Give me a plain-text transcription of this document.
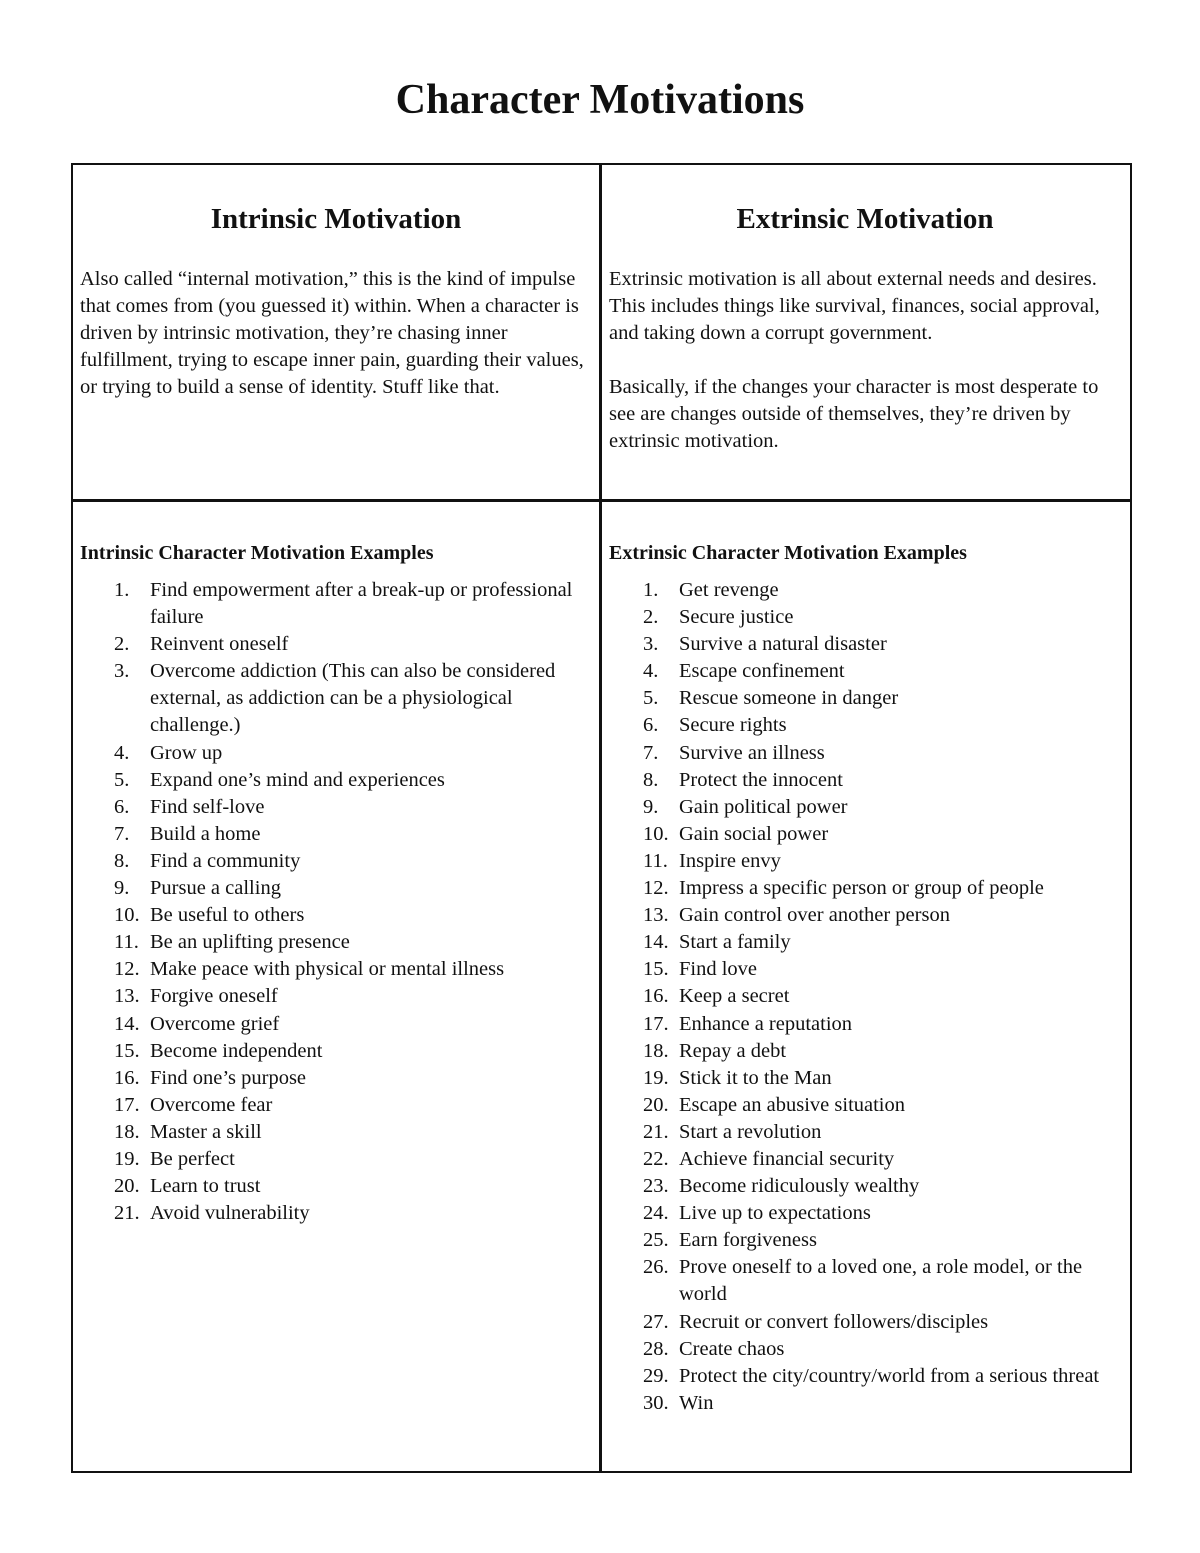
Character Motivations
Intrinsic Motivation

Also called “internal motivation,” this is the kind of impulse that comes from (you guessed it) within. When a character is driven by intrinsic motivation, they’re chasing inner fulfillment, trying to escape inner pain, guarding their values, or trying to build a sense of identity. Stuff like that.

Extrinsic Motivation

Extrinsic motivation is all about external needs and desires. This includes things like survival, finances, social approval, and taking down a corrupt government.

Basically, if the changes your character is most desperate to see are changes outside of themselves, they’re driven by extrinsic motivation.

Intrinsic Character Motivation Examples
1. Find empowerment after a break-up or professional failure
2. Reinvent oneself
3. Overcome addiction (This can also be considered external, as addiction can be a physiological challenge.)
4. Grow up
5. Expand one’s mind and experiences
6. Find self-love
7. Build a home
8. Find a community
9. Pursue a calling
10. Be useful to others
11. Be an uplifting presence
12. Make peace with physical or mental illness
13. Forgive oneself
14. Overcome grief
15. Become independent
16. Find one’s purpose
17. Overcome fear
18. Master a skill
19. Be perfect
20. Learn to trust
21. Avoid vulnerability
Extrinsic Character Motivation Examples
1. Get revenge
2. Secure justice
3. Survive a natural disaster
4. Escape confinement
5. Rescue someone in danger
6. Secure rights
7. Survive an illness
8. Protect the innocent
9. Gain political power
10. Gain social power
11. Inspire envy
12. Impress a specific person or group of people
13. Gain control over another person
14. Start a family
15. Find love
16. Keep a secret
17. Enhance a reputation
18. Repay a debt
19. Stick it to the Man
20. Escape an abusive situation
21. Start a revolution
22. Achieve financial security
23. Become ridiculously wealthy
24. Live up to expectations
25. Earn forgiveness
26. Prove oneself to a loved one, a role model, or the world
27. Recruit or convert followers/disciples
28. Create chaos
29. Protect the city/country/world from a serious threat
30. Win
